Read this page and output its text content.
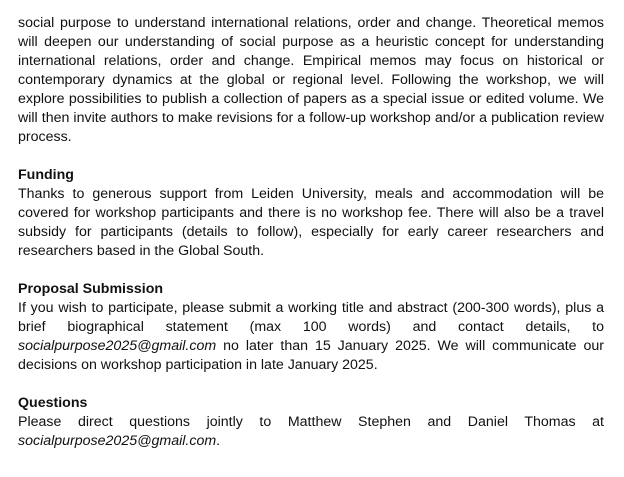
social purpose to understand international relations, order and change. Theoretical memos will deepen our understanding of social purpose as a heuristic concept for understanding international relations, order and change. Empirical memos may focus on historical or contemporary dynamics at the global or regional level. Following the workshop, we will explore possibilities to publish a collection of papers as a special issue or edited volume. We will then invite authors to make revisions for a follow-up workshop and/or a publication review process.

Funding

Thanks to generous support from Leiden University, meals and accommodation will be covered for workshop participants and there is no workshop fee. There will also be a travel subsidy for participants (details to follow), especially for early career researchers and researchers based in the Global South.

Proposal Submission

If you wish to participate, please submit a working title and abstract (200-300 words), plus a brief biographical statement (max 100 words) and contact details, to socialpurpose2025@gmail.com no later than 15 January 2025. We will communicate our decisions on workshop participation in late January 2025.

Questions

Please direct questions jointly to Matthew Stephen and Daniel Thomas at socialpurpose2025@gmail.com.
